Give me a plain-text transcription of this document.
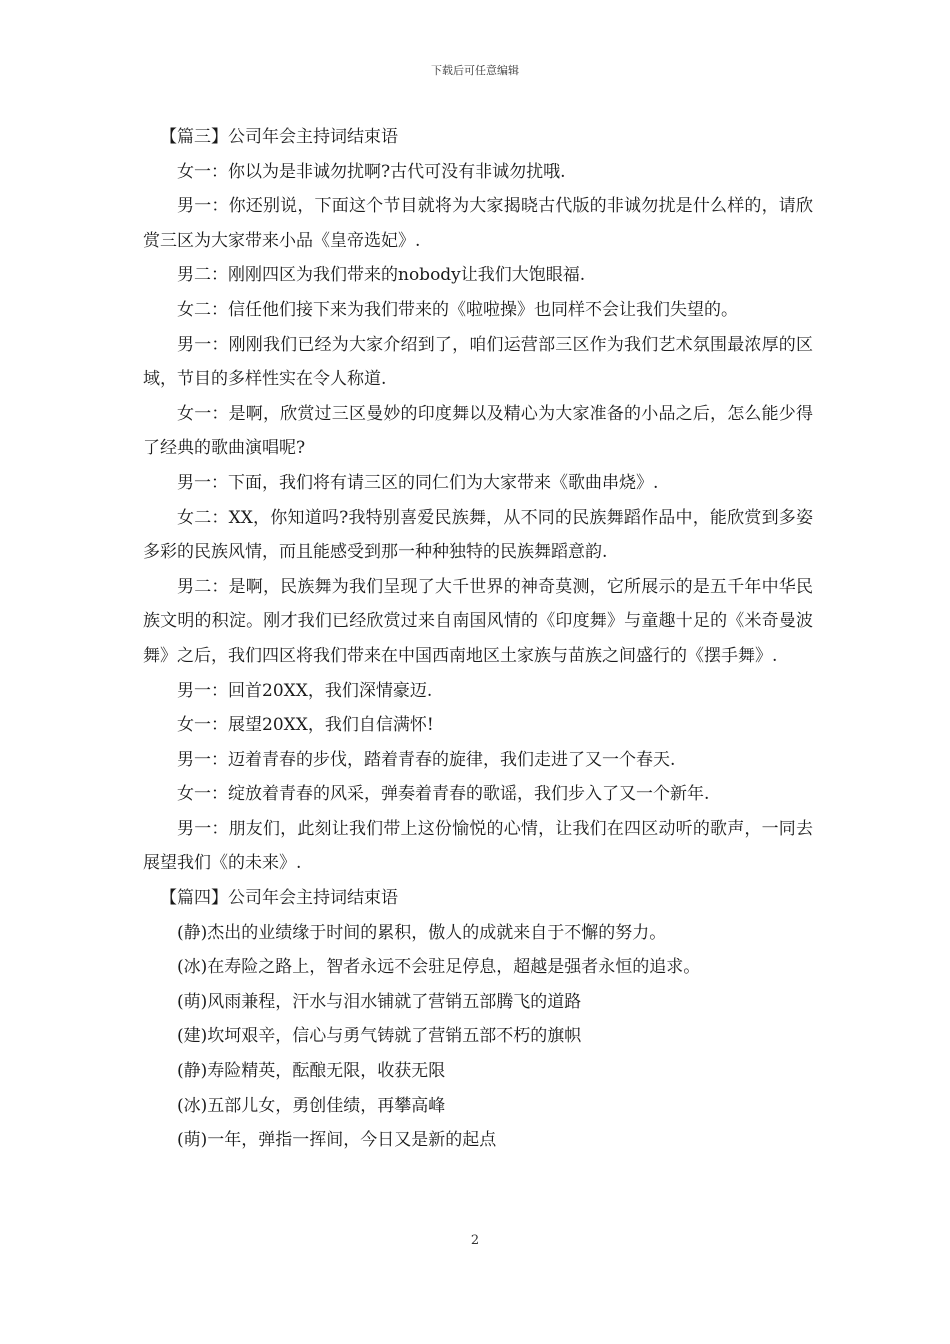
下载后可任意编辑

【篇三】公司年会主持词结束语

女一：你以为是非诚勿扰啊?古代可没有非诚勿扰哦.

男一：你还别说，下面这个节目就将为大家揭晓古代版的非诚勿扰是什么样的，请欣赏三区为大家带来小品《皇帝选妃》.

男二：刚刚四区为我们带来的nobody让我们大饱眼福.

女二：信任他们接下来为我们带来的《啦啦操》也同样不会让我们失望的。

男一：刚刚我们已经为大家介绍到了，咱们运营部三区作为我们艺术氛围最浓厚的区域，节目的多样性实在令人称道.

女一：是啊，欣赏过三区曼妙的印度舞以及精心为大家准备的小品之后，怎么能少得了经典的歌曲演唱呢?

男一：下面，我们将有请三区的同仁们为大家带来《歌曲串烧》.

女二：XX，你知道吗?我特别喜爱民族舞，从不同的民族舞蹈作品中，能欣赏到多姿多彩的民族风情，而且能感受到那一种种独特的民族舞蹈意韵.

男二：是啊，民族舞为我们呈现了大千世界的神奇莫测，它所展示的是五千年中华民族文明的积淀。刚才我们已经欣赏过来自南国风情的《印度舞》与童趣十足的《米奇曼波舞》之后，我们四区将我们带来在中国西南地区土家族与苗族之间盛行的《摆手舞》.

男一：回首20XX，我们深情豪迈.

女一：展望20XX，我们自信满怀!

男一：迈着青春的步伐，踏着青春的旋律，我们走进了又一个春天.

女一：绽放着青春的风采，弹奏着青春的歌谣，我们步入了又一个新年.

男一：朋友们，此刻让我们带上这份愉悦的心情，让我们在四区动听的歌声，一同去展望我们《的未来》.

【篇四】公司年会主持词结束语

(静)杰出的业绩缘于时间的累积，傲人的成就来自于不懈的努力。

(冰)在寿险之路上，智者永远不会驻足停息，超越是强者永恒的追求。

(萌)风雨兼程，汗水与泪水铺就了营销五部腾飞的道路

(建)坎坷艰辛，信心与勇气铸就了营销五部不朽的旗帜

(静)寿险精英，酝酿无限，收获无限

(冰)五部儿女，勇创佳绩，再攀高峰

(萌)一年，弹指一挥间，今日又是新的起点

2
